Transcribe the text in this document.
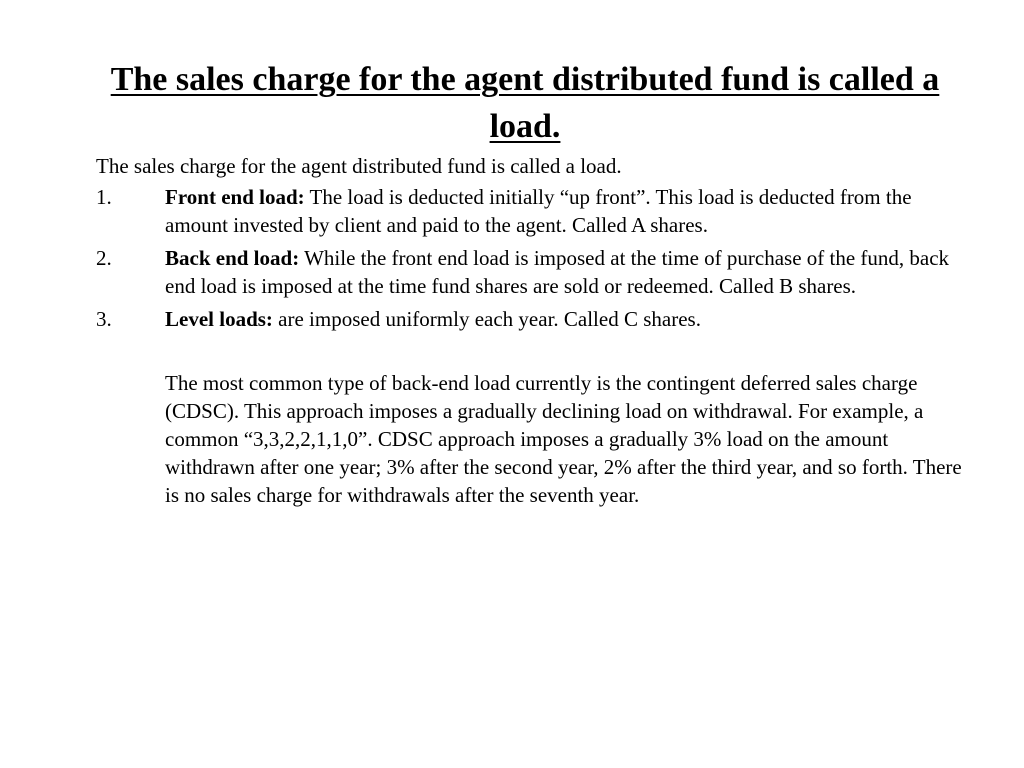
The sales charge for the agent distributed fund is called a load.

The sales charge for the agent distributed fund is called a load.

1.	Front end load: The load is deducted initially “up front”. This load is deducted from the amount invested by client and paid to the agent. Called A shares.
2.	Back end load: While the front end load is imposed at the time of purchase of the fund, back end load is imposed at the time fund shares are sold or redeemed. Called B shares.
3.	Level loads: are imposed uniformly each year. Called C shares.

The most common type of back-end load currently is the contingent deferred sales charge (CDSC). This approach imposes a gradually declining load on withdrawal. For example, a common “3,3,2,2,1,1,0”. CDSC approach imposes a gradually 3% load on the amount withdrawn after one year; 3% after the second year, 2% after the third year, and so forth. There is no sales charge for withdrawals after the seventh year.
